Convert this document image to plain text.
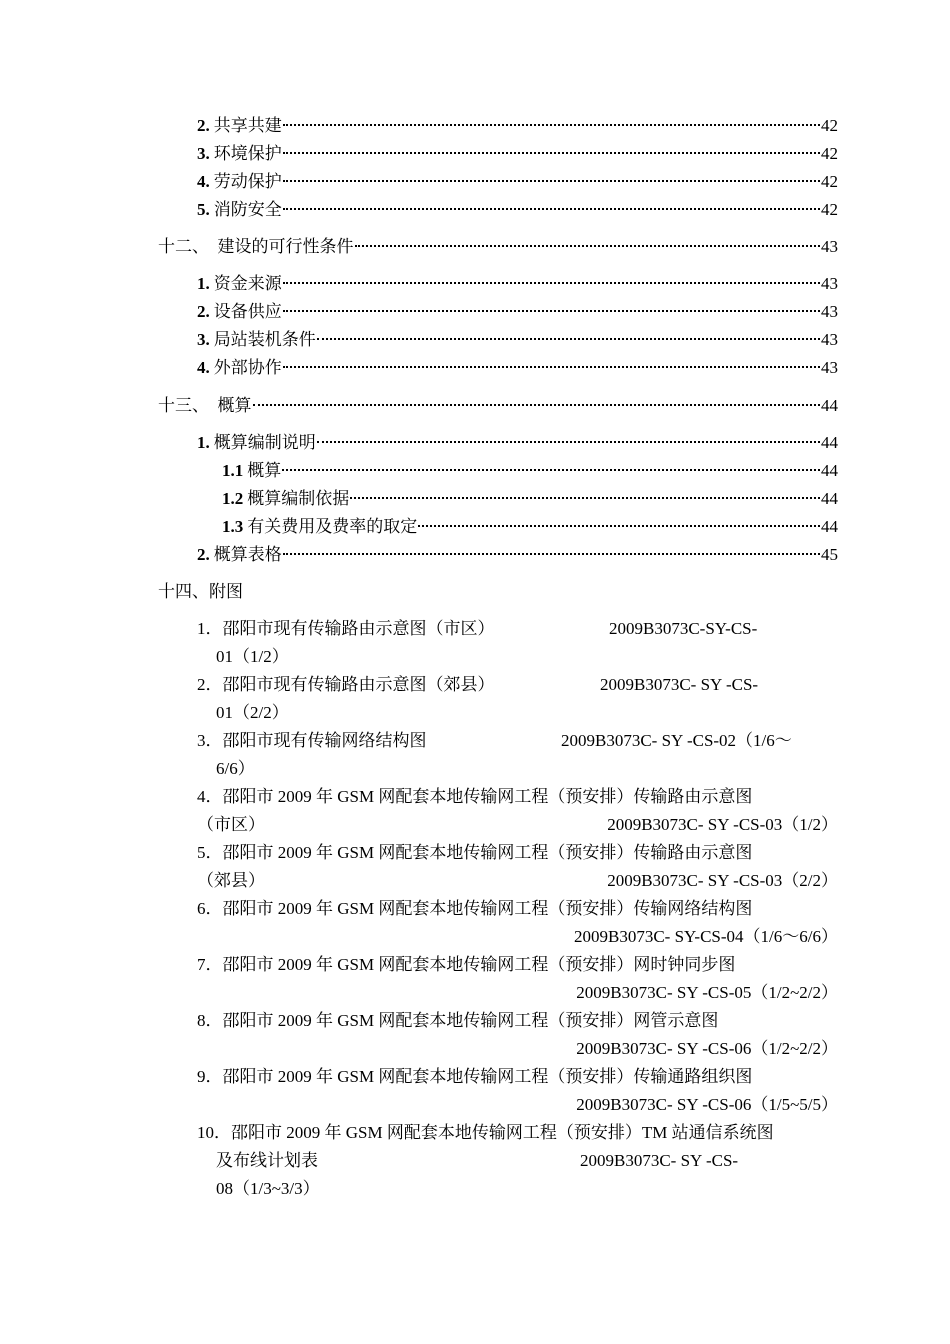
2. 共享共建	42
3. 环境保护	42
4. 劳动保护	42
5. 消防安全	42
十二、　建设的可行性条件	43
1. 资金来源	43
2. 设备供应	43
3. 局站装机条件	43
4. 外部协作	43
十三、　概算	44
1. 概算编制说明	44
1.1 概算	44
1.2 概算编制依据	44
1.3 有关费用及费率的取定	44
2. 概算表格	45
十四、附图
1．邵阳市现有传输路由示意图（市区）	2009B3073C-SY-CS-
01（1/2）
2．邵阳市现有传输路由示意图（郊县）	2009B3073C- SY -CS-
01（2/2）
3．邵阳市现有传输网络结构图	2009B3073C- SY -CS-02（1/6～
6/6）
4．邵阳市 2009 年 GSM 网配套本地传输网工程（预安排）传输路由示意图
（市区）	2009B3073C- SY -CS-03（1/2）
5．邵阳市 2009 年 GSM 网配套本地传输网工程（预安排）传输路由示意图
（郊县）	2009B3073C- SY -CS-03（2/2）
6．邵阳市 2009 年 GSM 网配套本地传输网工程（预安排）传输网络结构图
2009B3073C- SY-CS-04（1/6～6/6）
7．邵阳市 2009 年 GSM 网配套本地传输网工程（预安排）网时钟同步图
2009B3073C- SY -CS-05（1/2~2/2）
8．邵阳市 2009 年 GSM 网配套本地传输网工程（预安排）网管示意图
2009B3073C- SY -CS-06（1/2~2/2）
9．邵阳市 2009 年 GSM 网配套本地传输网工程（预安排）传输通路组织图
2009B3073C- SY -CS-06（1/5~5/5）
10．邵阳市 2009 年 GSM 网配套本地传输网工程（预安排）TM 站通信系统图
及布线计划表	2009B3073C- SY -CS-
08（1/3~3/3）
